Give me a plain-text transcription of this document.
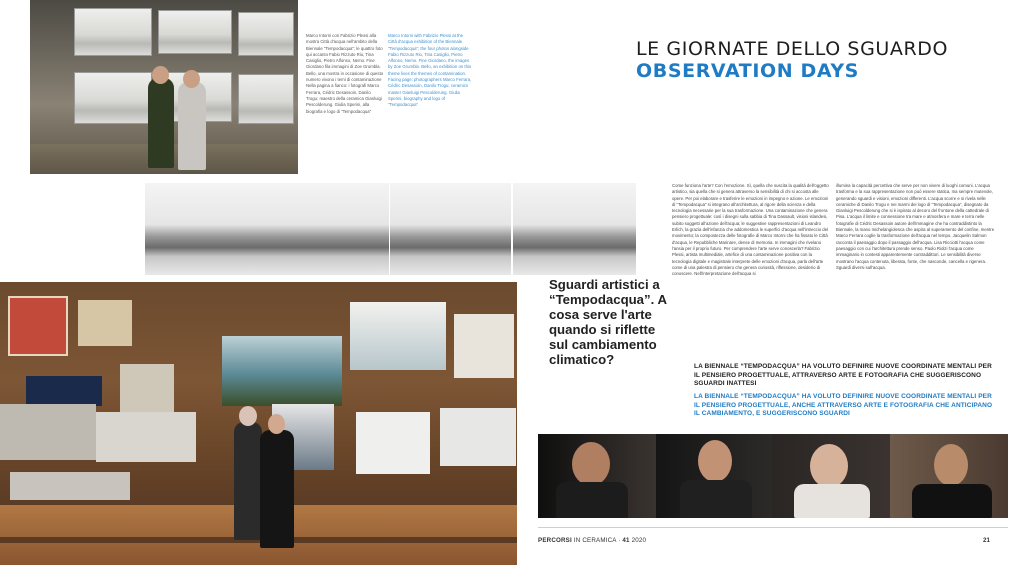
Marco Intorni con Fabrizio Plessi alla mostra Città d'acqua nell'ambito della Biennale "Tempodacqua"; le quattro foto qui accanto Fabio Rizzuto Rio, Tina Casiglio, Pietro Alfonso, Nemo. Fine Giordano fila immagini di Zoe Grumbla. Bello, una mostra in occasione di questo numero vivono i temi di contaminazione Nella pagina a fianco: i fotografi Marco Ferrara, Cédric Desassoin, Danilo Trogu; maestro della ceramica Gianluigi Pescolderung. Giulia Sperini, alla biografia e logo di "Tempodacqua"
Marco Intorni with Fabrizio Plessi at the Città d'acqua exhibition of the Biennale "Tempodacqua"; the four photos alongside Fabio Rizzuto Rio, Tina Casiglio, Pietro Alfonso, Nemo. Fine Giordano, the images by Zoe Grumbla. Bello, an exhibition on this theme lives the themes of contamination. Facing page: photographers Marco Ferrara, Cédric Desassoin, Danilo Trogu; ceramics master Gianluigi Pescolderung. Giulia Sperini, biography and logo of "Tempodacqua"
LE GIORNATE DELLO SGUARDO
OBSERVATION DAYS
Sguardi artistici a “Tempodacqua”. A cosa serve l'arte quando si riflette sul cambiamento climatico?
Come funziona l'arte? Con l'emozione. Sì, quella che suscita la qualità dell'oggetto artistico, sia quella che si genera attraverso la sensibilità di chi si accosta alle opere. Per poi elaborare e trasferire le emozioni in impegno e azione. Le emozioni di “Tempodacqua” si integrano all'architettura, al rigore della scienza e della tecnologia necessarie per la sua trasformazione. Una contaminazione che genera pensiero progettuale: così i disegni sulla sabbia di Tina Dassault, visioni islandesi, subito soggetti all'azione dell'acqua; le suggestive rappresentazioni di Leandro Erlich, la grazia dell'infanzia che addomestica le superfici d'acqua nell'intreccio del movimento; la compostezza delle fotografie di Marco Intorni che ha fissato le Città d'acqua, le Repubbliche Marinare, dense di memoria. In immagini che rivelano l'ansia per il proprio futuro. Per comprendere l'arte serve conoscerla? Fabrizio Plessi, artista multimediale, artefice di una contaminazione positiva con la tecnologia digitale e magistrale interprete delle emozioni d'acqua, parla dell'arte come di una palestra di pensiero che genera curiosità, riflessione, desiderio di conoscere. Nell'interpretazione dell'acqua si
illumina la capacità percettiva che serve per non vivere di luoghi comuni. L'acqua trasforma e la sua rappresentazione non può essere statica, ma sempre mutevole, generando sguardi e visioni, emozioni differenti. L'acqua scorre e si rivela nelle ceramiche di Danilo Trogu e nei marmi dei logo di “Tempodacqua”, disegnato da Gianluigi Pescolderung che si è ispirato al decoro del frontone della cattedrale di Pisa. L'acqua il limite e connessione tra mare e atmosfera e mare e terra nelle fotografie di Cédric Desassoin autore dell'immagine che ha contraddistinto la Biennale, la mano michelangiolesca che aspira al superamento del confine, mentre Marco Ferrara coglie la trasformazione dell'acqua nel tempo. Jacquelin Salmon racconta il paesaggio dopo il passaggio dell'acqua. Lisa Ricciotti l'acqua come paesaggio con cui l'architettura prende senso. Paolo Riolzi l'acqua come immaginario in contesti apparentemente contraddittori. Le sensibilità diverse mostrano l'acqua contenuta, liberata, fonte, che nasconde, cancella e rigenera. Sguardi diversi sull'acqua.
LA BIENNALE “TEMPODACQUA” HA VOLUTO DEFINIRE NUOVE COORDINATE MENTALI PER IL PENSIERO PROGETTUALE, ATTRAVERSO ARTE E FOTOGRAFIA CHE SUGGERISCONO SGUARDI INATTESI
LA BIENNALE “TEMPODACQUA” HA VOLUTO DEFINIRE NUOVE COORDINATE MENTALI PER IL PENSIERO PROGETTUALE, ANCHE ATTRAVERSO ARTE E FOTOGRAFIA CHE ANTICIPANO IL CAMBIAMENTO, E SUGGERISCONO SGUARDI
PERCORSI IN CERAMICA · 41 2020	21
